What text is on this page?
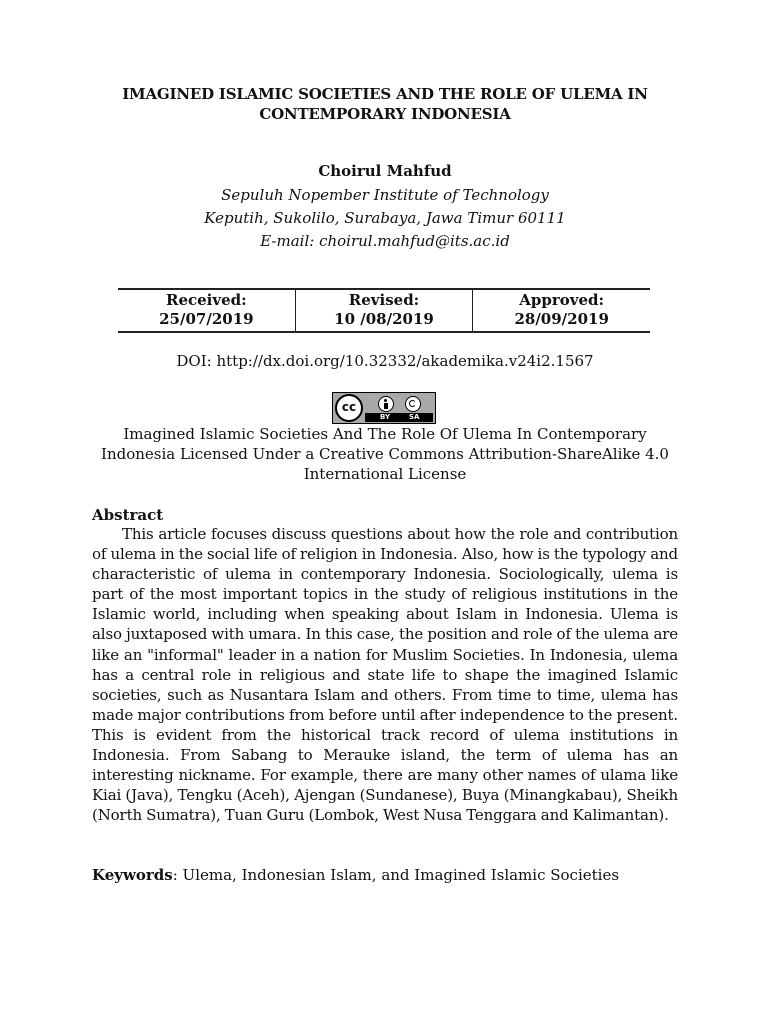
IMAGINED ISLAMIC SOCIETIES AND THE ROLE OF ULEMA IN
CONTEMPORARY INDONESIA
Choirul Mahfud
Sepuluh Nopember Institute of Technology
Keputih, Sukolilo, Surabaya, Jawa Timur 60111
E-mail: choirul.mahfud@its.ac.id
Received:
25/07/2019
Revised:
10 /08/2019
Approved:
28/09/2019
DOI: http://dx.doi.org/10.32332/akademika.v24i2.1567
cc
BY	SA
Imagined Islamic Societies And The Role Of Ulema In Contemporary
Indonesia Licensed Under a Creative Commons Attribution-ShareAlike 4.0
International License
Abstract
This article focuses discuss questions about how the role and contribution of ulema in the social life of religion in Indonesia. Also, how is the typology and characteristic of ulema in contemporary Indonesia. Sociologically, ulema is part of the most important topics in the study of religious institutions in the Islamic world, including when speaking about Islam in Indonesia. Ulema is also juxtaposed with umara. In this case, the position and role of the ulema are like an "informal" leader in a nation for Muslim Societies. In Indonesia, ulema has a central role in religious and state life to shape the imagined Islamic societies, such as Nusantara Islam and others. From time to time, ulema has made major contributions from before until after independence to the present. This is evident from the historical track record of ulema institutions in Indonesia. From Sabang to Merauke island, the term of ulema has an interesting nickname. For example, there are many other names of ulama like Kiai (Java), Tengku (Aceh), Ajengan (Sundanese), Buya (Minangkabau), Sheikh (North Sumatra), Tuan Guru (Lombok, West Nusa Tenggara and Kalimantan).
Keywords: Ulema, Indonesian Islam, and Imagined Islamic Societies
